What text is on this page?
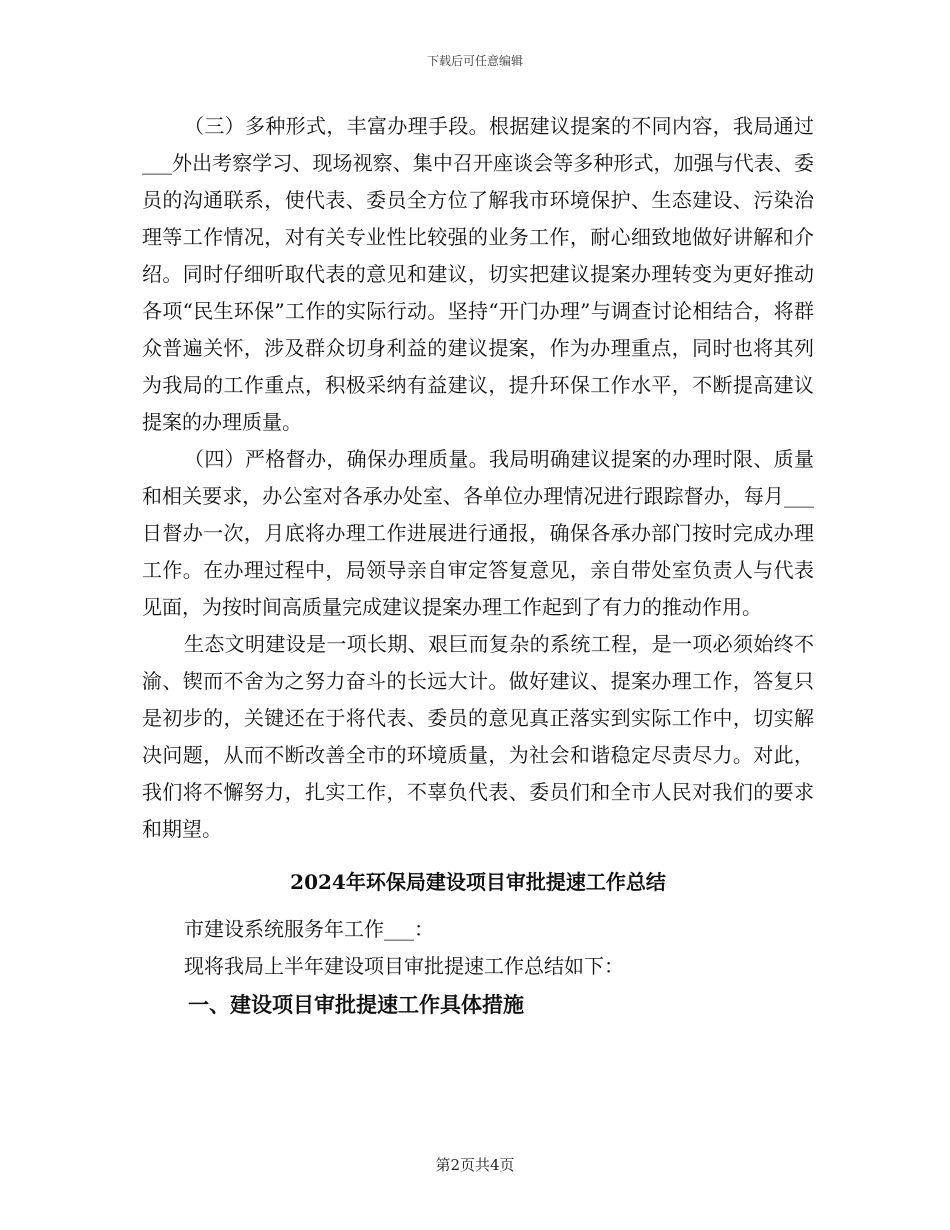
下载后可任意编辑

（三）多种形式，丰富办理手段。根据建议提案的不同内容，我局通过___外出考察学习、现场视察、集中召开座谈会等多种形式，加强与代表、委员的沟通联系，使代表、委员全方位了解我市环境保护、生态建设、污染治理等工作情况，对有关专业性比较强的业务工作，耐心细致地做好讲解和介绍。同时仔细听取代表的意见和建议，切实把建议提案办理转变为更好推动各项“民生环保”工作的实际行动。坚持“开门办理”与调查讨论相结合，将群众普遍关怀，涉及群众切身利益的建议提案，作为办理重点，同时也将其列为我局的工作重点，积极采纳有益建议，提升环保工作水平，不断提高建议提案的办理质量。

（四）严格督办，确保办理质量。我局明确建议提案的办理时限、质量和相关要求，办公室对各承办处室、各单位办理情况进行跟踪督办，每月___日督办一次，月底将办理工作进展进行通报，确保各承办部门按时完成办理工作。在办理过程中，局领导亲自审定答复意见，亲自带处室负责人与代表见面，为按时间高质量完成建议提案办理工作起到了有力的推动作用。

生态文明建设是一项长期、艰巨而复杂的系统工程，是一项必须始终不渝、锲而不舍为之努力奋斗的长远大计。做好建议、提案办理工作，答复只是初步的，关键还在于将代表、委员的意见真正落实到实际工作中，切实解决问题，从而不断改善全市的环境质量，为社会和谐稳定尽责尽力。对此，我们将不懈努力，扎实工作，不辜负代表、委员们和全市人民对我们的要求和期望。

2024年环保局建设项目审批提速工作总结

市建设系统服务年工作___：

现将我局上半年建设项目审批提速工作总结如下：

一、建设项目审批提速工作具体措施
第2页共4页
